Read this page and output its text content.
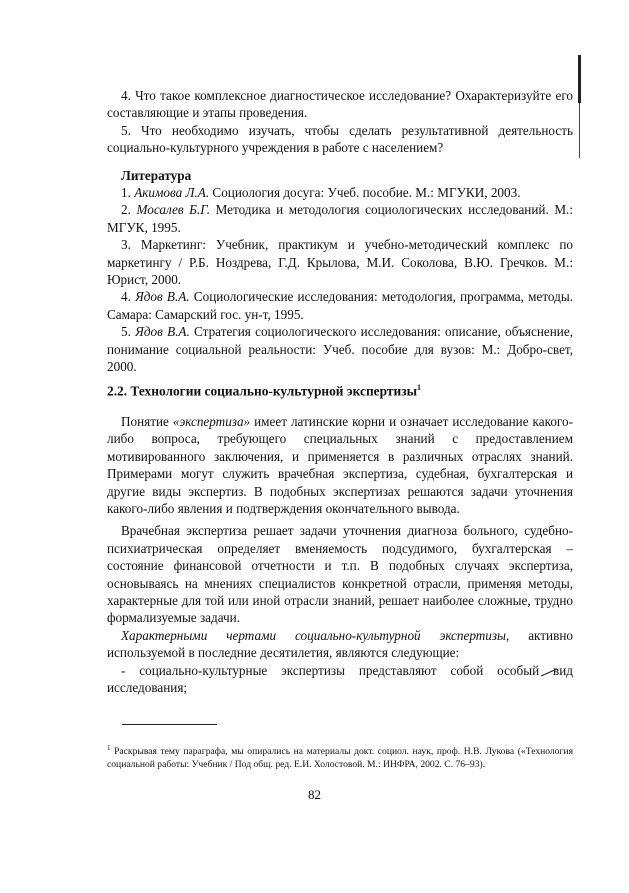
4. Что такое комплексное диагностическое исследование? Охарактеризуйте его составляющие и этапы проведения.

5. Что необходимо изучать, чтобы сделать результативной деятельность социально-культурного учреждения в работе с населением?

Литература

1. Акимова Л.А. Социология досуга: Учеб. пособие. М.: МГУКИ, 2003.

2. Мосалев Б.Г. Методика и методология социологических исследований. М.: МГУК, 1995.

3. Маркетинг: Учебник, практикум и учебно-методический комплекс по маркетингу / Р.Б. Ноздрева, Г.Д. Крылова, М.И. Соколова, В.Ю. Гречков. М.: Юрист, 2000.

4. Ядов В.А. Социологические исследования: методология, программа, методы. Самара: Самарский гос. ун-т, 1995.

5. Ядов В.А. Стратегия социологического исследования: описание, объяснение, понимание социальной реальности: Учеб. пособие для вузов: М.: Добро-свет, 2000.

2.2. Технологии социально-культурной экспертизы$^1$

Понятие «экспертиза» имеет латинские корни и означает исследование какого-либо вопроса, требующего специальных знаний с предоставлением мотивированного заключения, и применяется в различных отраслях знаний. Примерами могут служить врачебная экспертиза, судебная, бухгалтерская и другие виды экспертиз. В подобных экспертизах решаются задачи уточнения какого-либо явления и подтверждения окончательного вывода.

Врачебная экспертиза решает задачи уточнения диагноза больного, судебно-психиатрическая определяет вменяемость подсудимого, бухгалтерская – состояние финансовой отчетности и т.п. В подобных случаях экспертиза, основываясь на мнениях специалистов конкретной отрасли, применяя методы, характерные для той или иной отрасли знаний, решает наиболее сложные, трудно формализуемые задачи.

Характерными чертами социально-культурной экспертизы, активно используемой в последние десятилетия, являются следующие:

- социально-культурные экспертизы представляют собой особый вид исследования;

$^1$ Раскрывая тему параграфа, мы опирались на материалы докт. социол. наук, проф. Н.В. Лукова («Технология социальной работы: Учебник / Под общ. ред. Е.И. Холостовой. М.: ИНФРА, 2002. С. 76–93).
82
